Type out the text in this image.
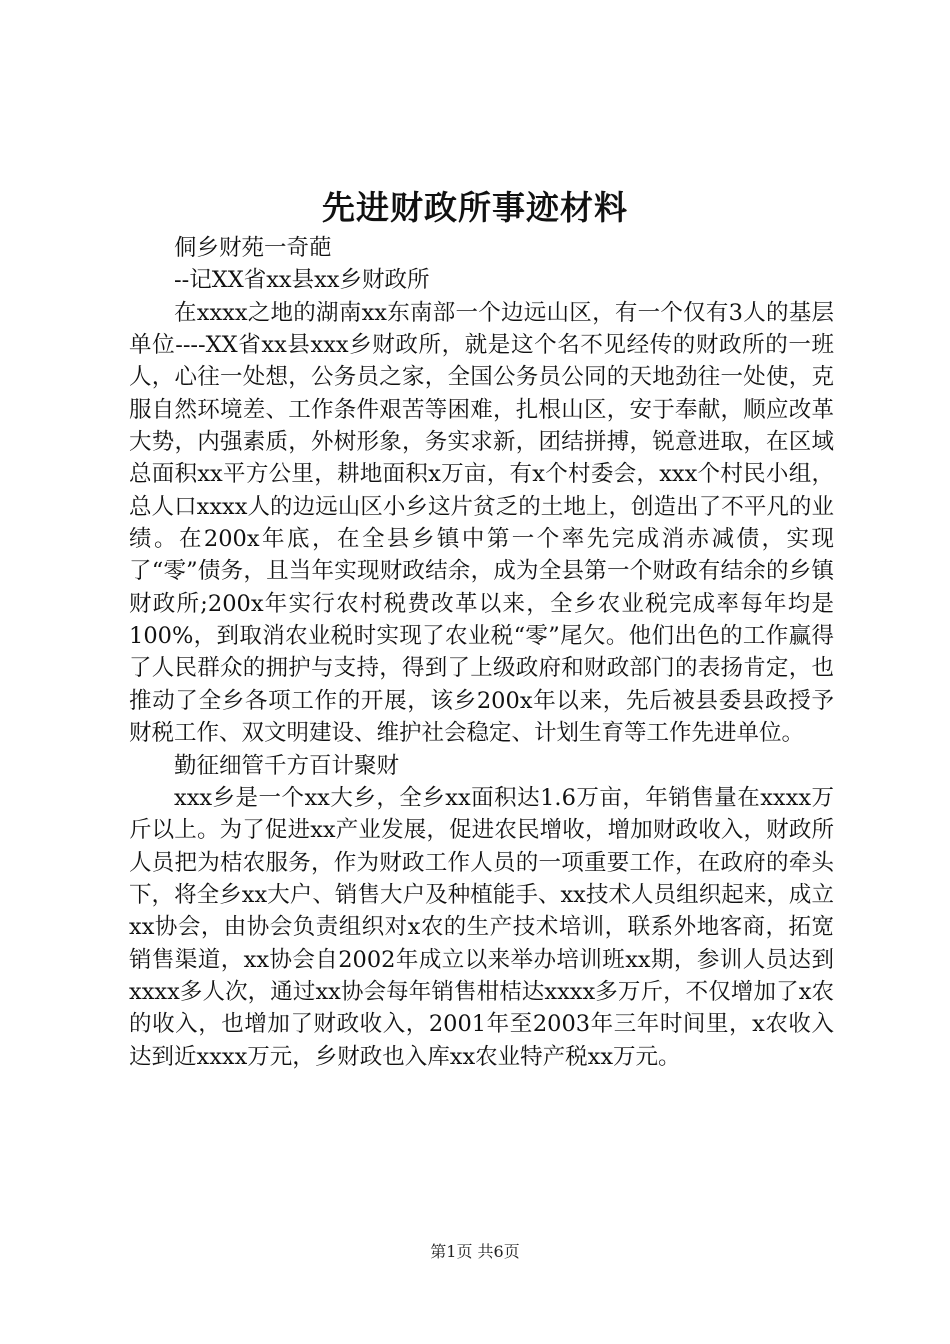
先进财政所事迹材料

侗乡财苑一奇葩

--记XX省xx县xx乡财政所

在xxxx之地的湖南xx东南部一个边远山区，有一个仅有3人的基层单位----XX省xx县xxx乡财政所，就是这个名不见经传的财政所的一班人，心往一处想，公务员之家，全国公务员公同的天地劲往一处使，克服自然环境差、工作条件艰苦等困难，扎根山区，安于奉献，顺应改革大势，内强素质，外树形象，务实求新，团结拼搏，锐意进取，在区域总面积xx平方公里，耕地面积x万亩，有x个村委会，xxx个村民小组，总人口xxxx人的边远山区小乡这片贫乏的土地上，创造出了不平凡的业绩。在200x年底，在全县乡镇中第一个率先完成消赤减债，实现了“零”债务，且当年实现财政结余，成为全县第一个财政有结余的乡镇财政所;200x年实行农村税费改革以来，全乡农业税完成率每年均是100%，到取消农业税时实现了农业税“零”尾欠。他们出色的工作赢得了人民群众的拥护与支持，得到了上级政府和财政部门的表扬肯定，也推动了全乡各项工作的开展，该乡200x年以来，先后被县委县政授予财税工作、双文明建设、维护社会稳定、计划生育等工作先进单位。

勤征细管千方百计聚财

xxx乡是一个xx大乡，全乡xx面积达1.6万亩，年销售量在xxxx万斤以上。为了促进xx产业发展，促进农民增收，增加财政收入，财政所人员把为桔农服务，作为财政工作人员的一项重要工作，在政府的牵头下，将全乡xx大户、销售大户及种植能手、xx技术人员组织起来，成立xx协会，由协会负责组织对x农的生产技术培训，联系外地客商，拓宽销售渠道，xx协会自2002年成立以来举办培训班xx期，参训人员达到xxxx多人次，通过xx协会每年销售柑桔达xxxx多万斤，不仅增加了x农的收入，也增加了财政收入，2001年至2003年三年时间里，x农收入达到近xxxx万元，乡财政也入库xx农业特产税xx万元。

第1页 共6页
